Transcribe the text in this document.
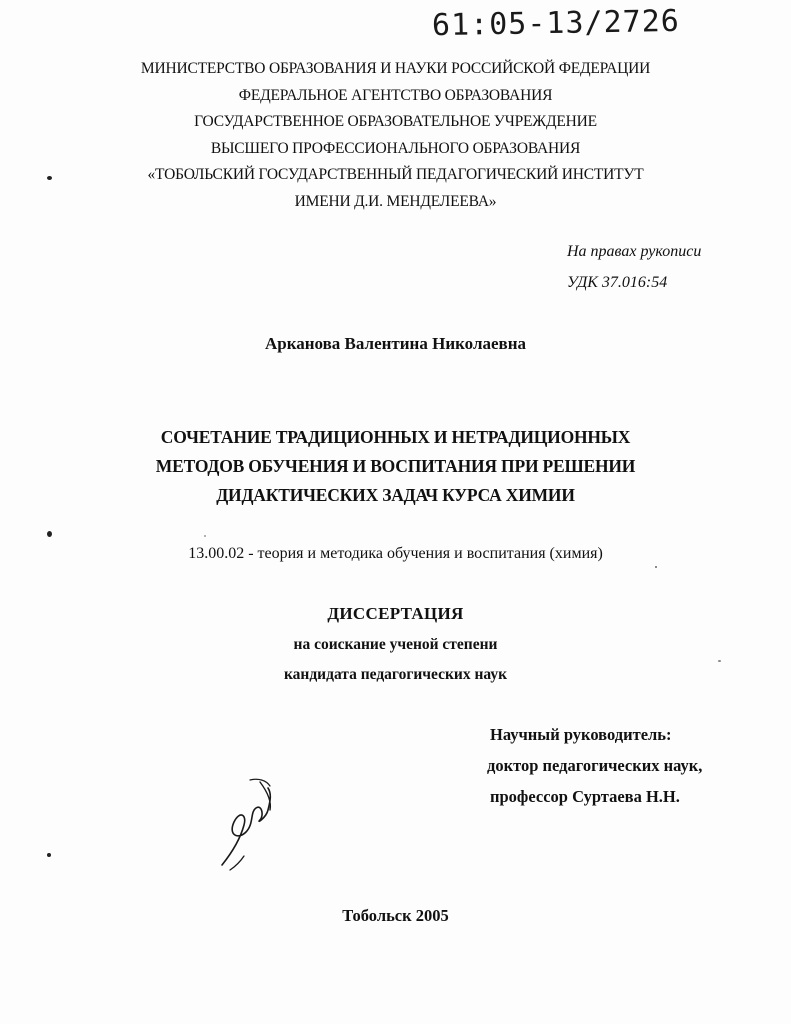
61:05-13/2726
МИНИСТЕРСТВО ОБРАЗОВАНИЯ И НАУКИ РОССИЙСКОЙ ФЕДЕРАЦИИ
ФЕДЕРАЛЬНОЕ АГЕНТСТВО ОБРАЗОВАНИЯ
ГОСУДАРСТВЕННОЕ ОБРАЗОВАТЕЛЬНОЕ УЧРЕЖДЕНИЕ
ВЫСШЕГО ПРОФЕССИОНАЛЬНОГО ОБРАЗОВАНИЯ
«ТОБОЛЬСКИЙ ГОСУДАРСТВЕННЫЙ ПЕДАГОГИЧЕСКИЙ ИНСТИТУТ
ИМЕНИ Д.И. МЕНДЕЛЕЕВА»
На правах рукописи
УДК 37.016:54
Арканова Валентина Николаевна
СОЧЕТАНИЕ ТРАДИЦИОННЫХ И НЕТРАДИЦИОННЫХ
МЕТОДОВ ОБУЧЕНИЯ И ВОСПИТАНИЯ ПРИ РЕШЕНИИ
ДИДАКТИЧЕСКИХ ЗАДАЧ КУРСА ХИМИИ
13.00.02 - теория и методика обучения и воспитания (химия)
ДИССЕРТАЦИЯ
на соискание ученой степени
кандидата педагогических наук
Научный руководитель:
доктор педагогических наук,
профессор Суртаева Н.Н.
Тобольск 2005
